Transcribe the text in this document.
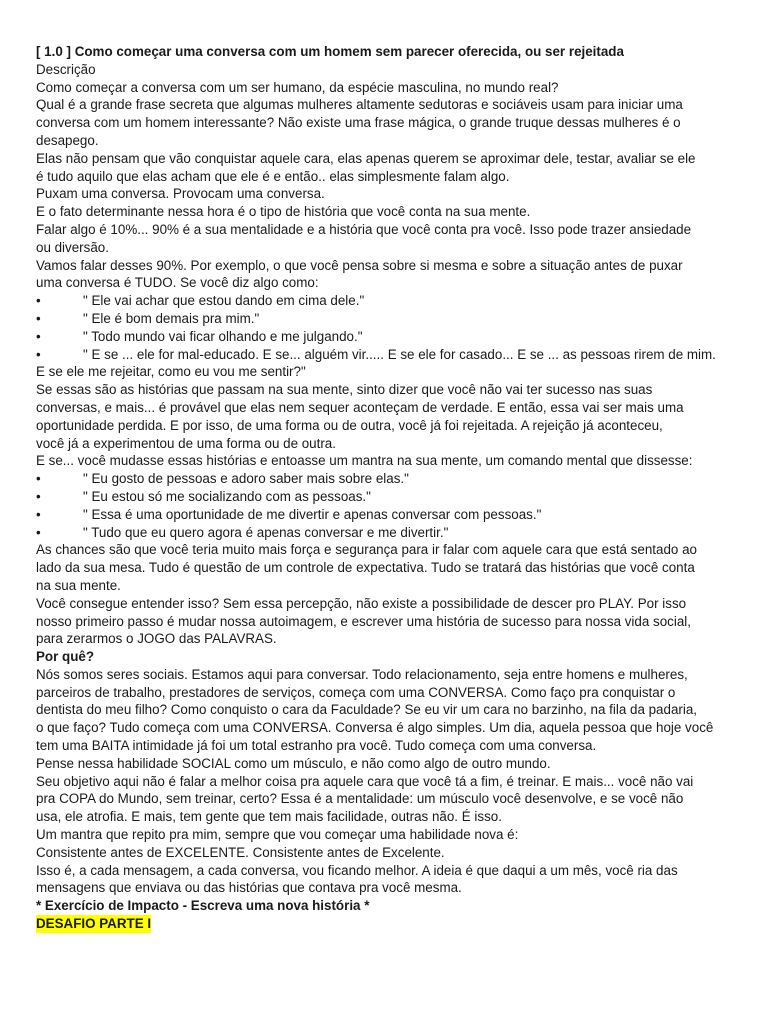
[ 1.0 ] Como começar uma conversa com um homem sem parecer oferecida, ou ser rejeitada

Descrição

Como começar a conversa com um ser humano, da espécie masculina, no mundo real?

Qual é a grande frase secreta que algumas mulheres altamente sedutoras e sociáveis usam para iniciar uma

conversa com um homem interessante? Não existe uma frase mágica, o grande truque dessas mulheres é o

desapego.

Elas não pensam que vão conquistar aquele cara, elas apenas querem se aproximar dele, testar, avaliar se ele

é tudo aquilo que elas acham que ele é e então.. elas simplesmente falam algo.

Puxam uma conversa. Provocam uma conversa.

E o fato determinante nessa hora é o tipo de história que você conta na sua mente.

Falar algo é 10%... 90% é a sua mentalidade e a história que você conta pra você. Isso pode trazer ansiedade

ou diversão.

Vamos falar desses 90%. Por exemplo, o que você pensa sobre si mesma e sobre a situação antes de puxar

uma conversa é TUDO. Se você diz algo como:

•	" Ele vai achar que estou dando em cima dele."
•	" Ele é bom demais pra mim."
•	" Todo mundo vai ficar olhando e me julgando."
•	" E se ... ele for mal-educado. E se... alguém vir..... E se ele for casado... E se ... as pessoas rirem de mim.

E se ele me rejeitar, como eu vou me sentir?"

Se essas são as histórias que passam na sua mente, sinto dizer que você não vai ter sucesso nas suas

conversas, e mais... é provável que elas nem sequer aconteçam de verdade. E então, essa vai ser mais uma

oportunidade perdida. E por isso, de uma forma ou de outra, você já foi rejeitada. A rejeição já aconteceu,

você já a experimentou de uma forma ou de outra.

E se... você mudasse essas histórias e entoasse um mantra na sua mente, um comando mental que dissesse:

•	" Eu gosto de pessoas e adoro saber mais sobre elas."
•	" Eu estou só me socializando com as pessoas."
•	" Essa é uma oportunidade de me divertir e apenas conversar com pessoas."
•	" Tudo que eu quero agora é apenas conversar e me divertir."

As chances são que você teria muito mais força e segurança para ir falar com aquele cara que está sentado ao

lado da sua mesa. Tudo é questão de um controle de expectativa. Tudo se tratará das histórias que você conta

na sua mente.

Você consegue entender isso? Sem essa percepção, não existe a possibilidade de descer pro PLAY. Por isso

nosso primeiro passo é mudar nossa autoimagem, e escrever uma história de sucesso para nossa vida social,

para zerarmos o JOGO das PALAVRAS.

Por quê?

Nós somos seres sociais. Estamos aqui para conversar. Todo relacionamento, seja entre homens e mulheres,

parceiros de trabalho, prestadores de serviços, começa com uma CONVERSA. Como faço pra conquistar o

dentista do meu filho? Como conquisto o cara da Faculdade? Se eu vir um cara no barzinho, na fila da padaria,

o que faço? Tudo começa com uma CONVERSA. Conversa é algo simples. Um dia, aquela pessoa que hoje você

tem uma BAITA intimidade já foi um total estranho pra você. Tudo começa com uma conversa.

Pense nessa habilidade SOCIAL como um músculo, e não como algo de outro mundo.

Seu objetivo aqui não é falar a melhor coisa pra aquele cara que você tá a fim, é treinar. E mais... você não vai

pra COPA do Mundo, sem treinar, certo? Essa é a mentalidade: um músculo você desenvolve, e se você não

usa, ele atrofia. E mais, tem gente que tem mais facilidade, outras não. É isso.

Um mantra que repito pra mim, sempre que vou começar uma habilidade nova é:

Consistente antes de EXCELENTE. Consistente antes de Excelente.

Isso é, a cada mensagem, a cada conversa, vou ficando melhor. A ideia é que daqui a um mês, você ria das

mensagens que enviava ou das histórias que contava pra você mesma.

* Exercício de Impacto - Escreva uma nova história *

DESAFIO PARTE I
